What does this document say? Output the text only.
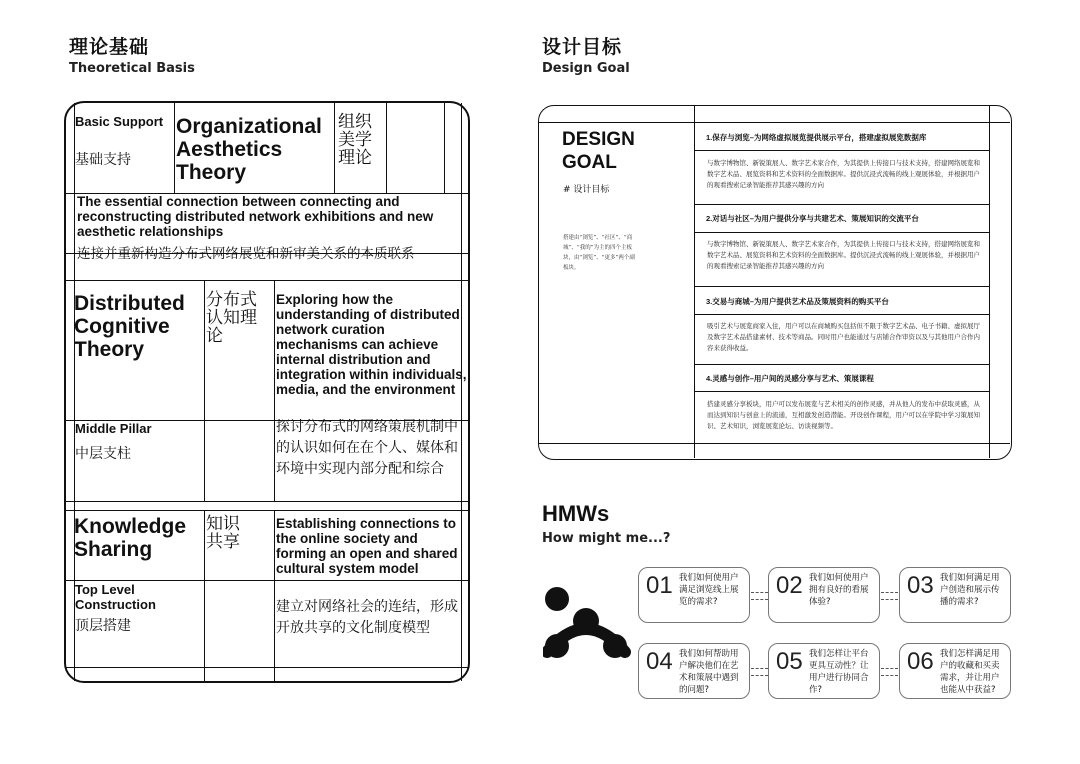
理论基础
Theoretical Basis
Basic Support
基础支持
Organizational Aesthetics Theory
组织美学理论
The essential connection between connecting and reconstructing distributed network exhibitions and new aesthetic relationships
连接并重新构造分布式网络展览和新审美关系的本质联系
Distributed Cognitive Theory
分布式认知理论
Exploring how the understanding of distributed network curation mechanisms can achieve internal distribution and integration within individuals, media, and the environment
Middle Pillar
中层支柱
探讨分布式的网络策展机制中的认识如何在在个人、媒体和环境中实现内部分配和综合
Knowledge Sharing
知识共享
Establishing connections to the online society and forming an open and shared cultural system model
Top Level Construction
顶层搭建
建立对网络社会的连结，形成开放共享的文化制度模型
设计目标
Design Goal
DESIGN
GOAL
# 设计目标
搭建由“浏览”、“社区”、“商城”、“我的”为主的四个主板块，由“浏览”、“更多”两个副板块。
1.保存与浏览–为网络虚拟展览提供展示平台，搭建虚拟展览数据库
与数字博物馆、新锐策展人、数字艺术家合作，为其提供上传接口与技术支持，搭建网络展览和数字艺术品、展览资料和艺术资料的全面数据库。提供沉浸式流畅的线上观展体验，并根据用户的观看搜索记录智能推荐其感兴趣的方向
2.对话与社区–为用户提供分享与共建艺术、策展知识的交流平台
与数字博物馆、新锐策展人、数字艺术家合作，为其提供上传接口与技术支持，搭建网络展览和数字艺术品、展览资料和艺术资料的全面数据库。提供沉浸式流畅的线上观展体验，并根据用户的观看搜索记录智能推荐其感兴趣的方向
3.交易与商城–为用户提供艺术品及策展资料的购买平台
吸引艺术与展览商家入住，用户可以在商城购买包括但不限于数字艺术品、电子书籍、虚拟展厅及数字艺术品搭建素材、技术等商品。同时用户也能通过与店铺合作审资以及与其他用户合作内容来获得收益。
4.灵感与创作–用户间的灵感分享与艺术、策展课程
搭建灵感分享板块，用户可以发布展览与艺术相关的创作灵感，并从他人的发布中获取灵感，从而达到知识与创意上的流通，互相激发创造潜能。开设创作课程，用户可以在学院中学习策展知识、艺术知识，浏览展览论坛、访谈视频等。
HMWs
How might me...?
01 我们如何使用户满足浏览线上展览的需求?
02 我们如何使用户拥有良好的看展体验?
03 我们如何满足用户创造和展示传播的需求?
04 我们如何帮助用户解决他们在艺术和策展中遇到的问题?
05 我们怎样让平台更具互动性？让用户进行协同合作?
06 我们怎样满足用户的收藏和买卖需求，并让用户也能从中获益?
